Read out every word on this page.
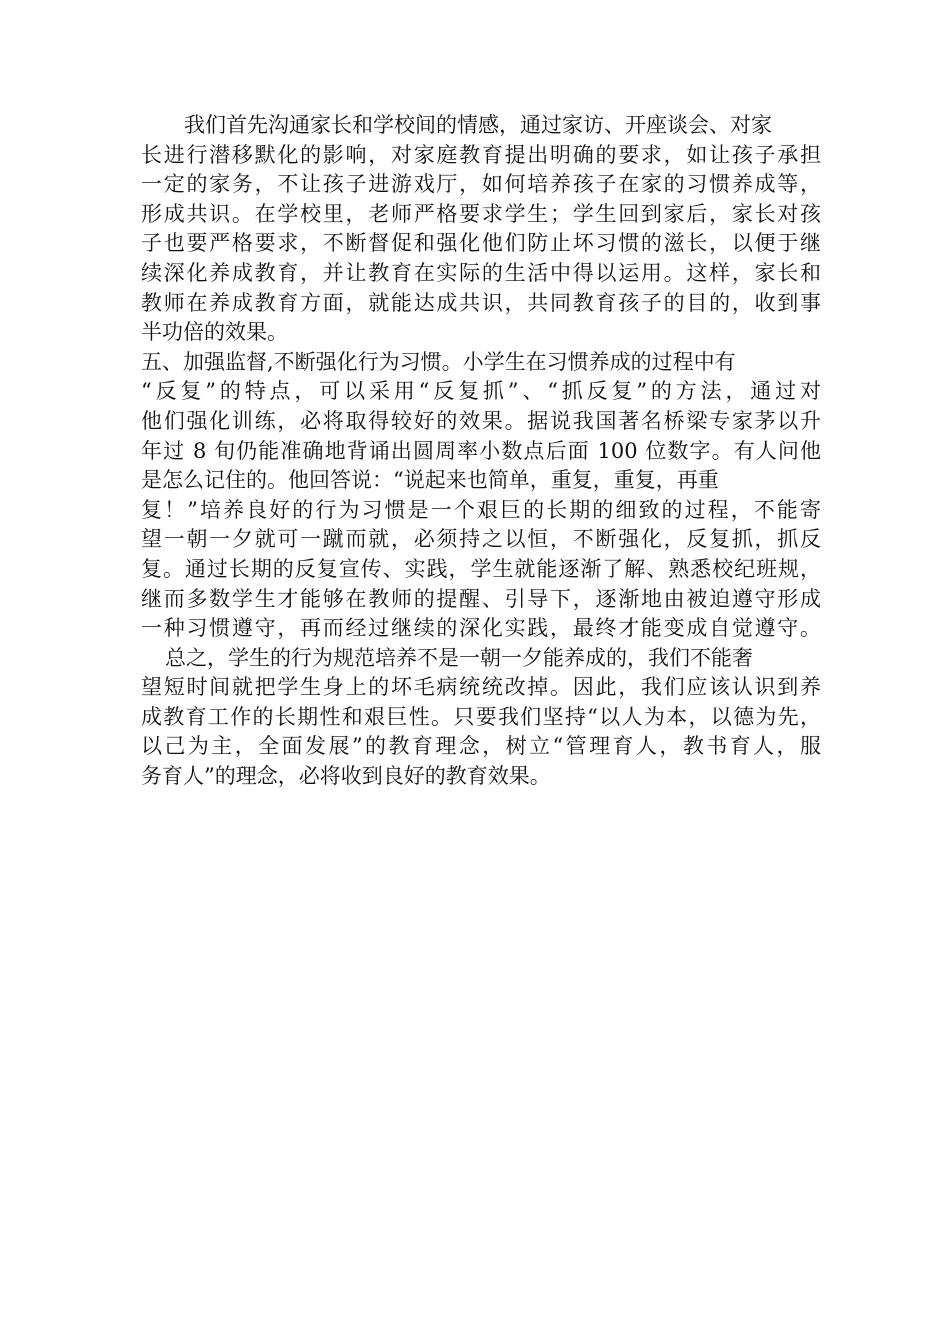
我们首先沟通家长和学校间的情感，通过家访、开座谈会、对家
长进行潜移默化的影响，对家庭教育提出明确的要求，如让孩子承担
一定的家务，不让孩子进游戏厅，如何培养孩子在家的习惯养成等，
形成共识。在学校里，老师严格要求学生；学生回到家后，家长对孩
子也要严格要求，不断督促和强化他们防止坏习惯的滋长，以便于继
续深化养成教育，并让教育在实际的生活中得以运用。这样，家长和
教师在养成教育方面，就能达成共识，共同教育孩子的目的，收到事
半功倍的效果。
五、加强监督,不断强化行为习惯。小学生在习惯养成的过程中有
“反复”的特点，可以采用“反复抓”、“抓反复”的方法，通过对
他们强化训练，必将取得较好的效果。据说我国著名桥梁专家茅以升
年过 8 旬仍能准确地背诵出圆周率小数点后面 100 位数字。有人问他
是怎么记住的。他回答说：“说起来也简单，重复，重复，再重
复！”培养良好的行为习惯是一个艰巨的长期的细致的过程，不能寄
望一朝一夕就可一蹴而就，必须持之以恒，不断强化，反复抓，抓反
复。通过长期的反复宣传、实践，学生就能逐渐了解、熟悉校纪班规，
继而多数学生才能够在教师的提醒、引导下，逐渐地由被迫遵守形成
一种习惯遵守，再而经过继续的深化实践，最终才能变成自觉遵守。
总之，学生的行为规范培养不是一朝一夕能养成的，我们不能奢
望短时间就把学生身上的坏毛病统统改掉。因此，我们应该认识到养
成教育工作的长期性和艰巨性。只要我们坚持“以人为本，以德为先，
以己为主，全面发展”的教育理念，树立“管理育人，教书育人，服
务育人”的理念，必将收到良好的教育效果。
